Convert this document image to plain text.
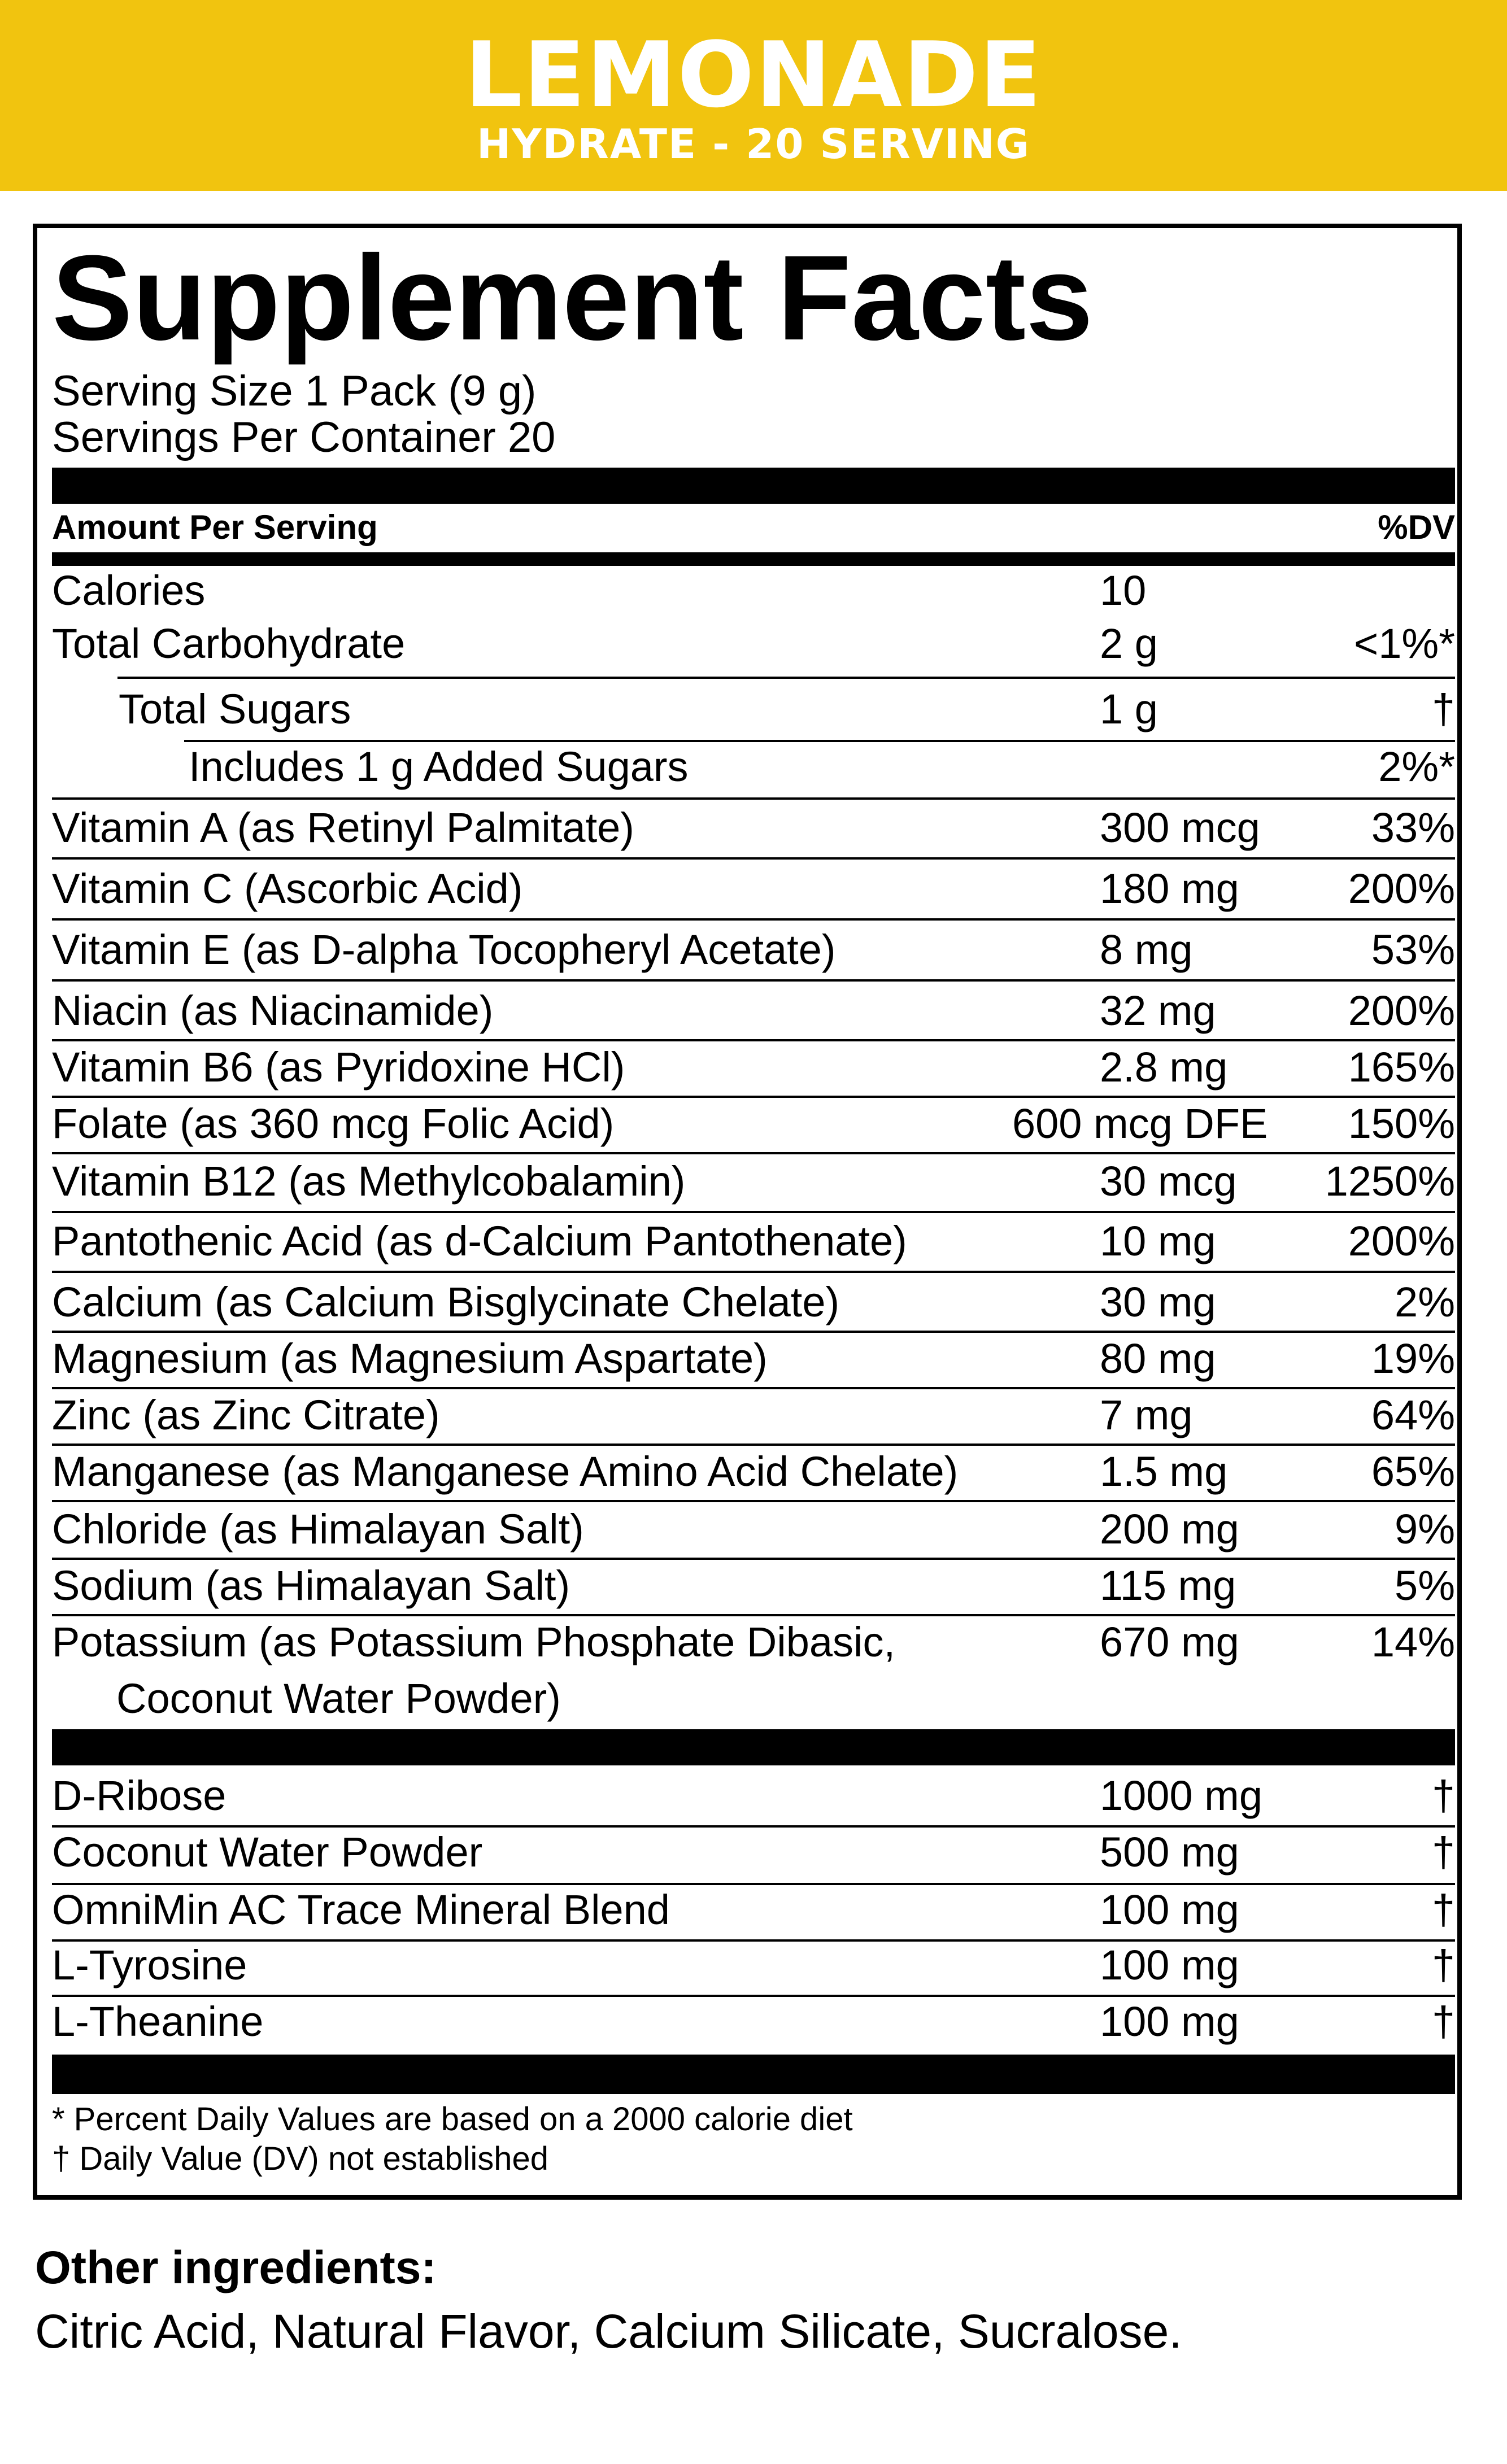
LEMONADE
HYDRATE - 20 SERVING
Supplement Facts
Serving Size 1 Pack (9 g)
Servings Per Container 20
Amount Per Serving	%DV
Calories	10
Total Carbohydrate	2 g	<1%*
Total Sugars	1 g	†
Includes 1 g Added Sugars	2%*
Vitamin A (as Retinyl Palmitate)	300 mcg	33%
Vitamin C (Ascorbic Acid)	180 mg	200%
Vitamin E (as D-alpha Tocopheryl Acetate)	8 mg	53%
Niacin (as Niacinamide)	32 mg	200%
Vitamin B6 (as Pyridoxine HCl)	2.8 mg	165%
Folate (as 360 mcg Folic Acid)	600 mcg DFE 150%
Vitamin B12 (as Methylcobalamin)	30 mcg 1250%
Pantothenic Acid (as d-Calcium Pantothenate)	10 mg	200%
Calcium (as Calcium Bisglycinate Chelate)	30 mg	2%
Magnesium (as Magnesium Aspartate)	80 mg	19%
Zinc (as Zinc Citrate)	7 mg	64%
Manganese (as Manganese Amino Acid Chelate)	1.5 mg	65%
Chloride (as Himalayan Salt)	200 mg	9%
Sodium (as Himalayan Salt)	115 mg	5%
Potassium (as Potassium Phosphate Dibasic,	670 mg	14%
Coconut Water Powder)
D-Ribose	1000 mg	†
Coconut Water Powder	500 mg	†
OmniMin AC Trace Mineral Blend	100 mg	†
L-Tyrosine	100 mg	†
L-Theanine	100 mg	†
* Percent Daily Values are based on a 2000 calorie diet
† Daily Value (DV) not established
Other ingredients:
Citric Acid, Natural Flavor, Calcium Silicate, Sucralose.
